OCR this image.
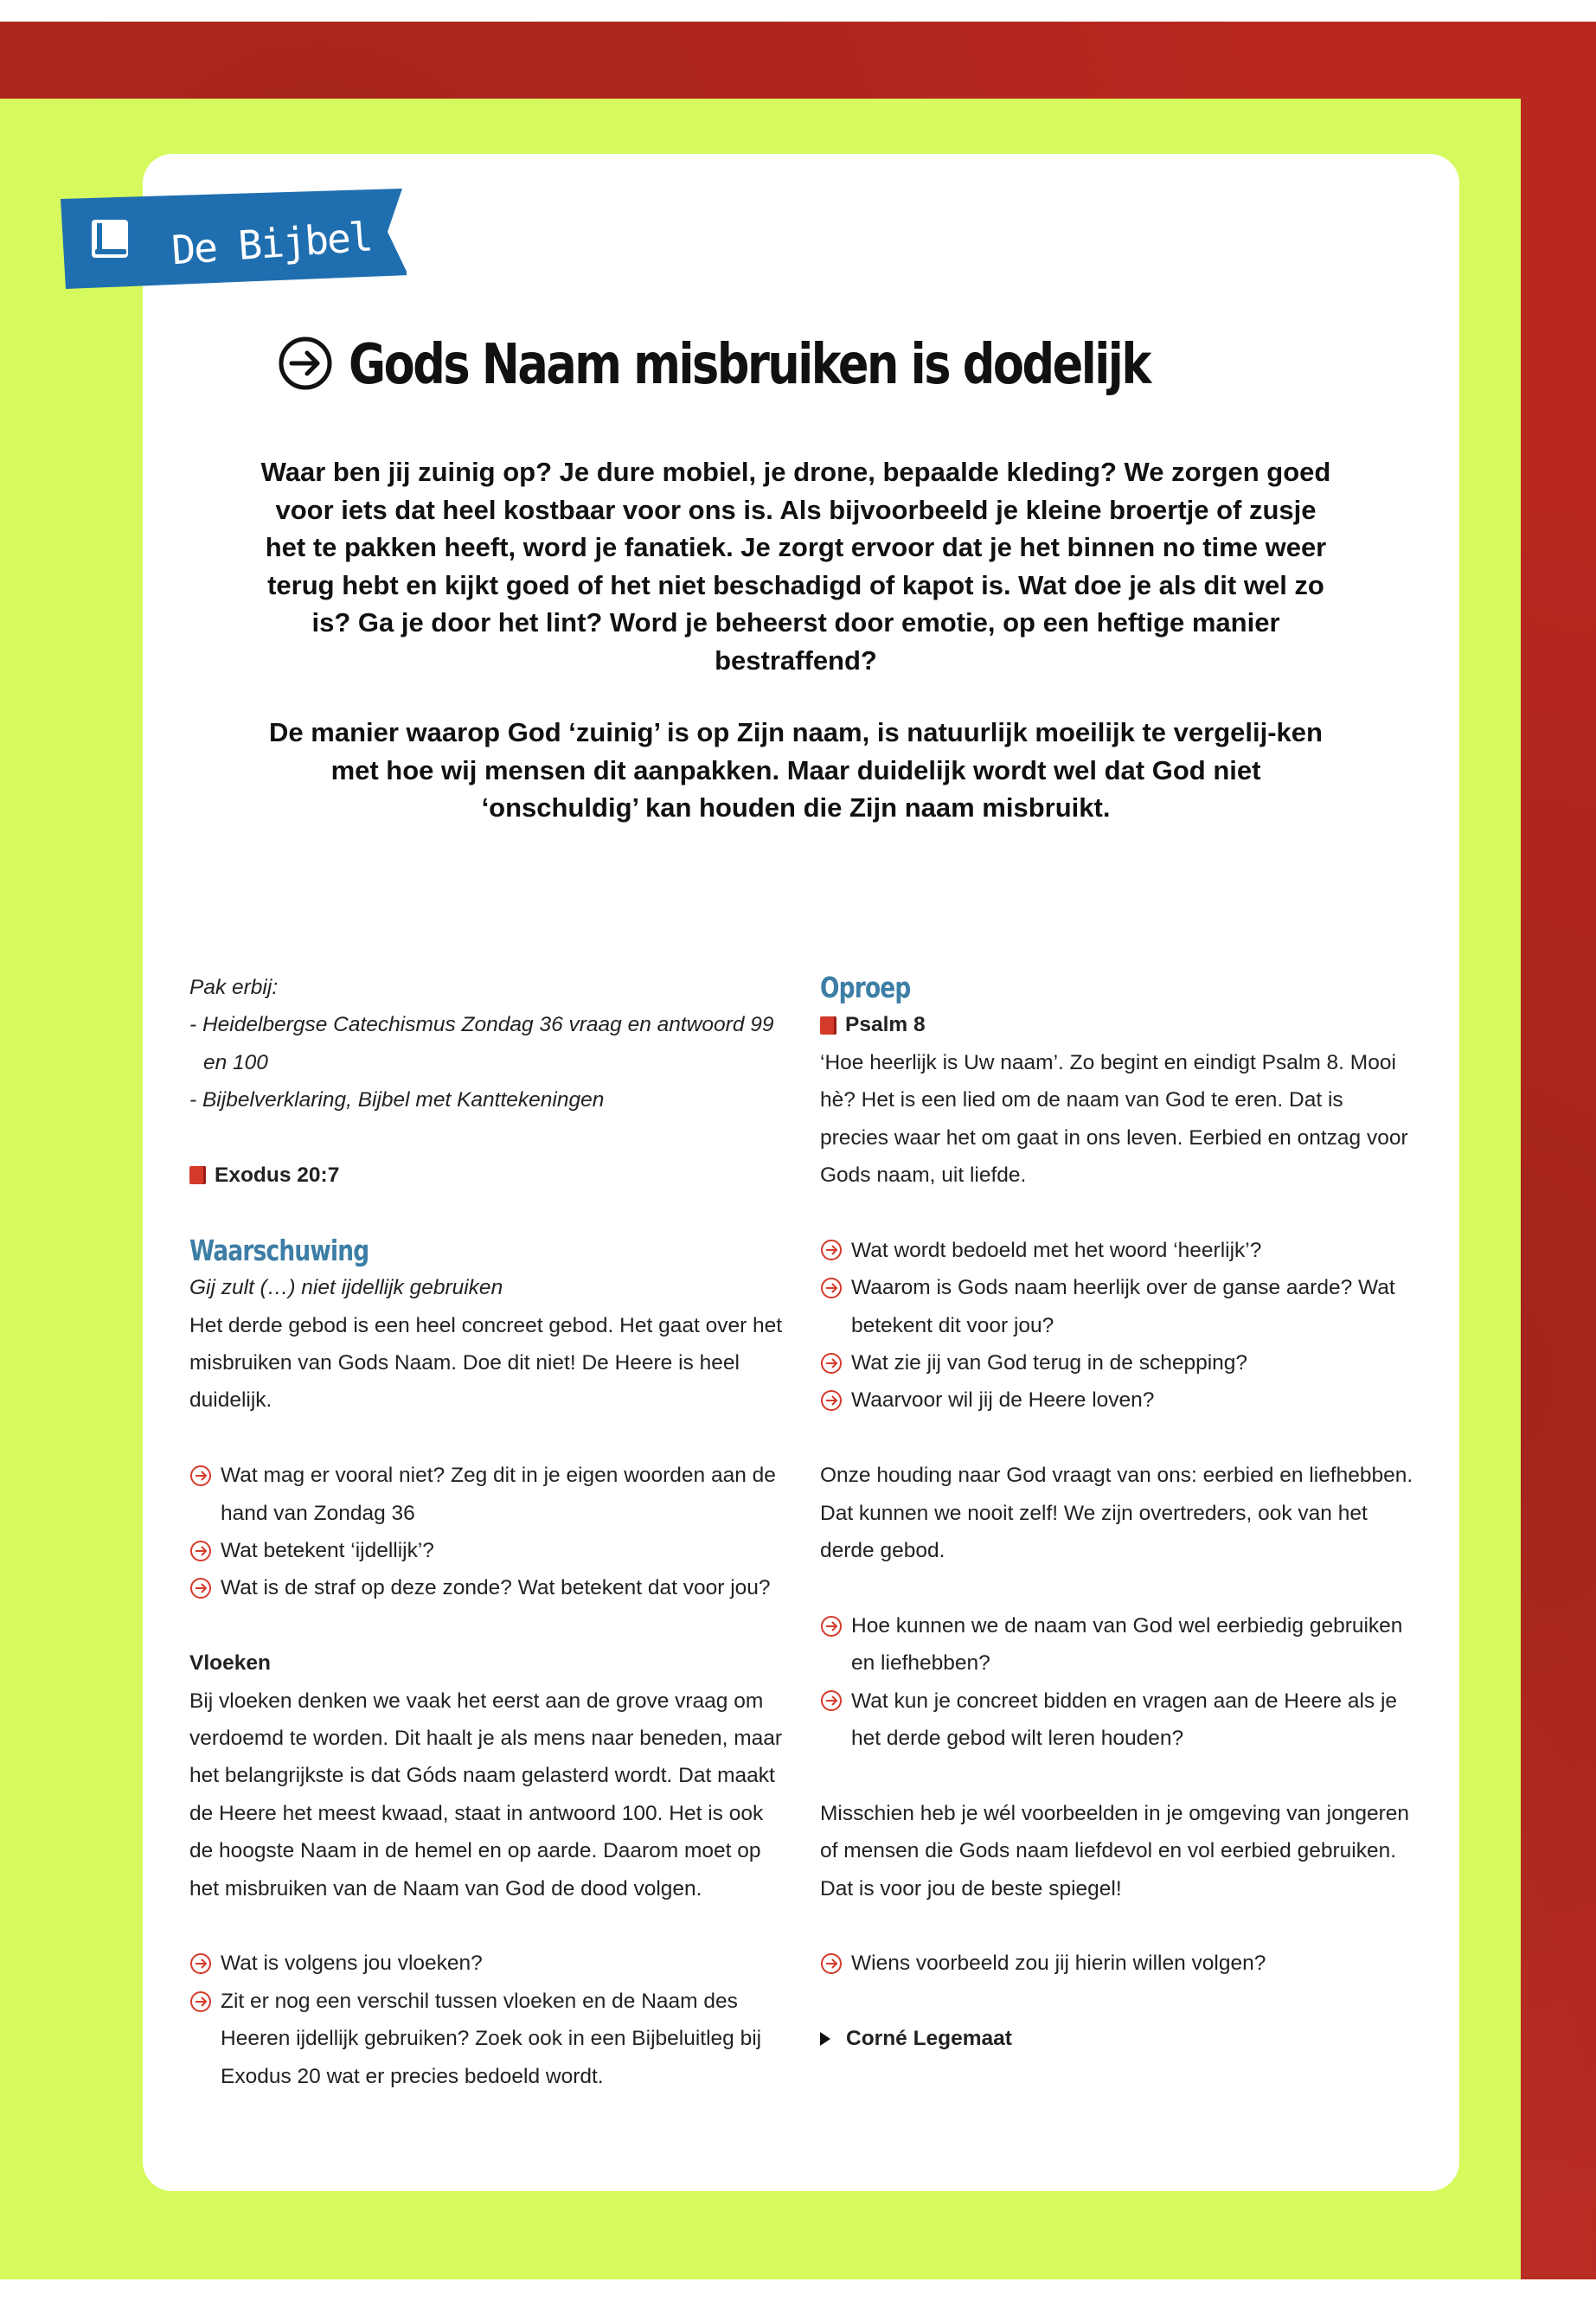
De Bijbel erbij
Gods Naam misbruiken is dodelijk

Waar ben jij zuinig op? Je dure mobiel, je drone, bepaalde kleding? We zorgen goed voor iets dat heel kostbaar voor ons is. Als bijvoorbeeld je kleine broertje of zusje het te pakken heeft, word je fanatiek. Je zorgt ervoor dat je het binnen no time weer terug hebt en kijkt goed of het niet beschadigd of kapot is. Wat doe je als dit wel zo is? Ga je door het lint? Word je beheerst door emotie, op een heftige manier bestraffend?

De manier waarop God ‘zuinig’ is op Zijn naam, is natuurlijk moeilijk te vergelij-ken met hoe wij mensen dit aanpakken. Maar duidelijk wordt wel dat God niet ‘onschuldig’ kan houden die Zijn naam misbruikt.

Pak erbij:
- Heidelbergse Catechismus Zondag 36 vraag en antwoord 99
en 100
- Bijbelverklaring, Bijbel met Kanttekeningen
Exodus 20:7
Waarschuwing
Gij zult (…) niet ijdellijk gebruiken

Het derde gebod is een heel concreet gebod. Het gaat over het misbruiken van Gods Naam. Doe dit niet! De Heere is heel duidelijk.

Wat mag er vooral niet? Zeg dit in je eigen woorden aan de hand van Zondag 36
Wat betekent ‘ijdellijk’?
Wat is de straf op deze zonde? Wat betekent dat voor jou?
Vloeken

Bij vloeken denken we vaak het eerst aan de grove vraag om verdoemd te worden. Dit haalt je als mens naar beneden, maar het belangrijkste is dat Góds naam gelasterd wordt. Dat maakt de Heere het meest kwaad, staat in antwoord 100. Het is ook de hoogste Naam in de hemel en op aarde. Daarom moet op het misbruiken van de Naam van God de dood volgen.

Wat is volgens jou vloeken?
Zit er nog een verschil tussen vloeken en de Naam des Heeren ijdellijk gebruiken? Zoek ook in een Bijbeluitleg bij Exodus 20 wat er precies bedoeld wordt.
Oproep
Psalm 8

‘Hoe heerlijk is Uw naam’. Zo begint en eindigt Psalm 8. Mooi hè? Het is een lied om de naam van God te eren. Dat is precies waar het om gaat in ons leven. Eerbied en ontzag voor Gods naam, uit liefde.

Wat wordt bedoeld met het woord ‘heerlijk’?
Waarom is Gods naam heerlijk over de ganse aarde? Wat betekent dit voor jou?
Wat zie jij van God terug in de schepping?
Waarvoor wil jij de Heere loven?

Onze houding naar God vraagt van ons: eerbied en liefhebben. Dat kunnen we nooit zelf! We zijn overtreders, ook van het derde gebod.

Hoe kunnen we de naam van God wel eerbiedig gebruiken en liefhebben?
Wat kun je concreet bidden en vragen aan de Heere als je het derde gebod wilt leren houden?

Misschien heb je wél voorbeelden in je omgeving van jongeren of mensen die Gods naam liefdevol en vol eerbied gebruiken. Dat is voor jou de beste spiegel!

Wiens voorbeeld zou jij hierin willen volgen?
Corné Legemaat
